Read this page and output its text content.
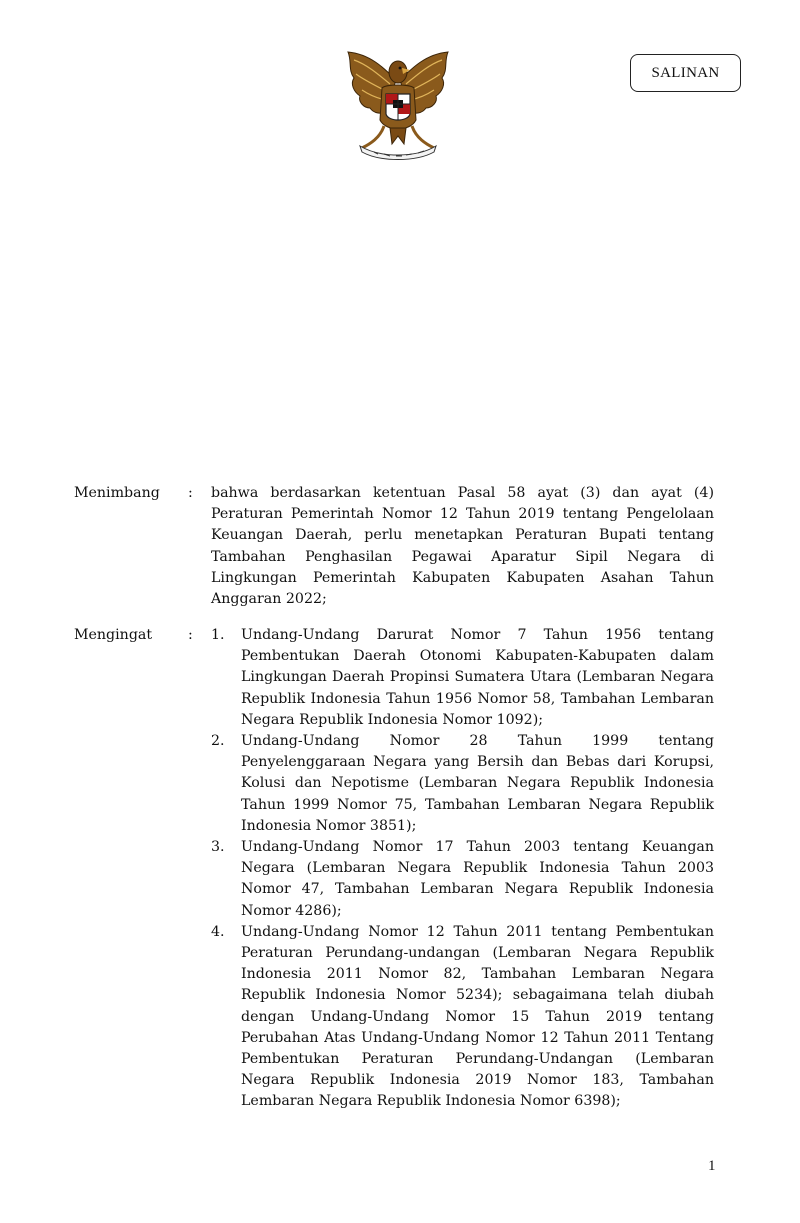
SALINAN
Menimbang	: bahwa berdasarkan ketentuan Pasal 58 ayat (3) dan ayat (4) Peraturan Pemerintah Nomor 12 Tahun 2019 tentang Pengelolaan Keuangan Daerah, perlu menetapkan Peraturan Bupati tentang Tambahan Penghasilan Pegawai Aparatur Sipil Negara di Lingkungan Pemerintah Kabupaten Kabupaten Asahan Tahun Anggaran 2022;
Mengingat	: 1. Undang-Undang Darurat Nomor 7 Tahun 1956 tentang Pembentukan Daerah Otonomi Kabupaten-Kabupaten dalam Lingkungan Daerah Propinsi Sumatera Utara (Lembaran Negara Republik Indonesia Tahun 1956 Nomor 58, Tambahan Lembaran Negara Republik Indonesia Nomor 1092);
2. Undang-Undang Nomor 28 Tahun 1999 tentang Penyelenggaraan Negara yang Bersih dan Bebas dari Korupsi, Kolusi dan Nepotisme (Lembaran Negara Republik Indonesia Tahun 1999 Nomor 75, Tambahan Lembaran Negara Republik Indonesia Nomor 3851);
3. Undang-Undang Nomor 17 Tahun 2003 tentang Keuangan Negara (Lembaran Negara Republik Indonesia Tahun 2003 Nomor 47, Tambahan Lembaran Negara Republik Indonesia Nomor 4286);
4. Undang-Undang Nomor 12 Tahun 2011 tentang Pembentukan Peraturan Perundang-undangan (Lembaran Negara Republik Indonesia 2011 Nomor 82, Tambahan Lembaran Negara Republik Indonesia Nomor 5234); sebagaimana telah diubah dengan Undang-Undang Nomor 15 Tahun 2019 tentang Perubahan Atas Undang-Undang Nomor 12 Tahun 2011 Tentang Pembentukan Peraturan Perundang-Undangan (Lembaran Negara Republik Indonesia 2019 Nomor 183, Tambahan Lembaran Negara Republik Indonesia Nomor 6398);
1
